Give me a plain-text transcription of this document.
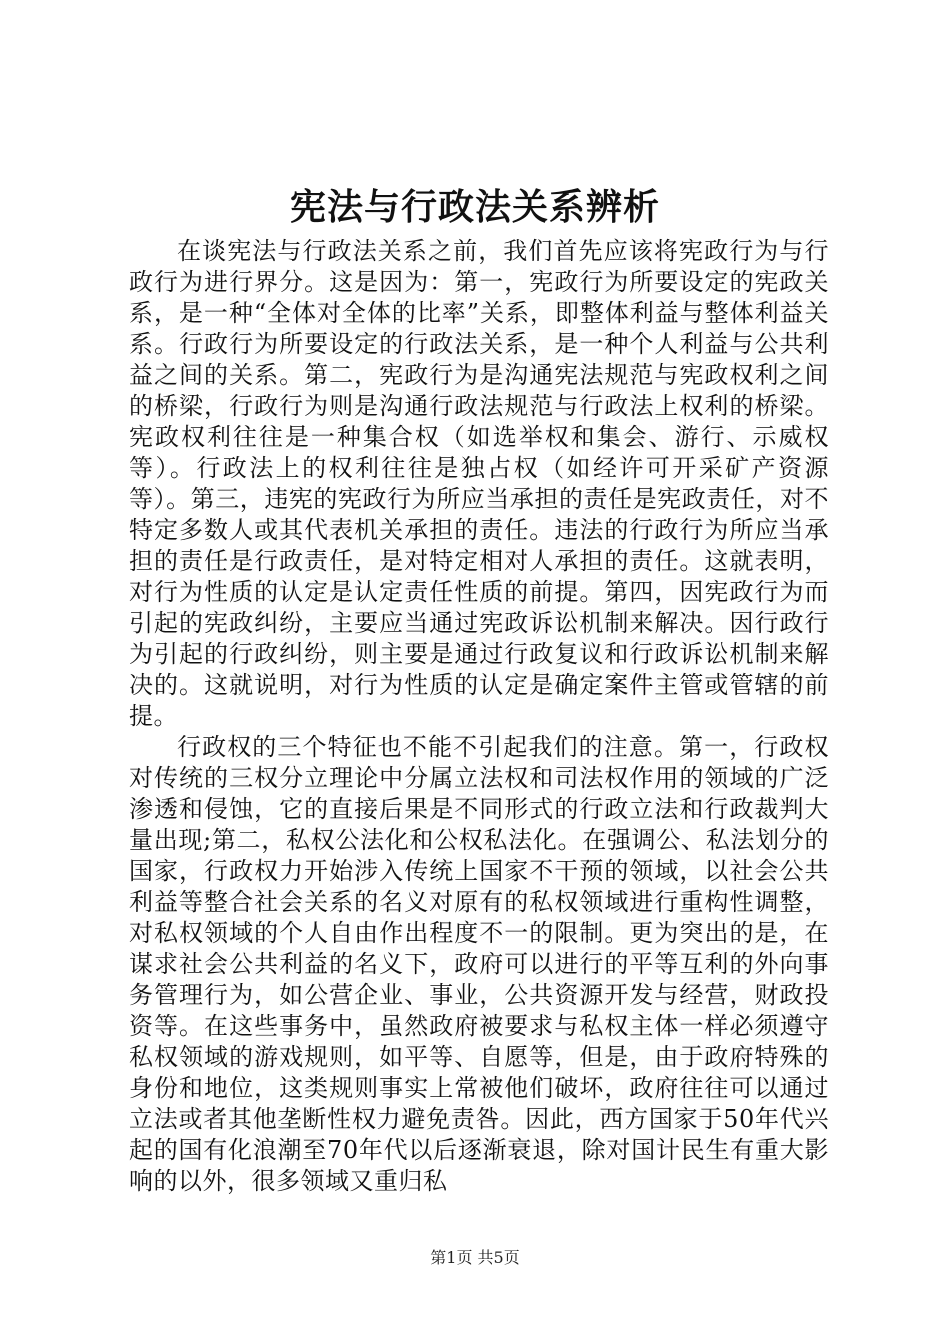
宪法与行政法关系辨析

在谈宪法与行政法关系之前，我们首先应该将宪政行为与行政行为进行界分。这是因为：第一，宪政行为所要设定的宪政关系，是一种“全体对全体的比率”关系，即整体利益与整体利益关系。行政行为所要设定的行政法关系，是一种个人利益与公共利益之间的关系。第二，宪政行为是沟通宪法规范与宪政权利之间的桥梁，行政行为则是沟通行政法规范与行政法上权利的桥梁。宪政权利往往是一种集合权（如选举权和集会、游行、示威权等）。行政法上的权利往往是独占权（如经许可开采矿产资源等）。第三，违宪的宪政行为所应当承担的责任是宪政责任，对不特定多数人或其代表机关承担的责任。违法的行政行为所应当承担的责任是行政责任，是对特定相对人承担的责任。这就表明，对行为性质的认定是认定责任性质的前提。第四，因宪政行为而引起的宪政纠纷，主要应当通过宪政诉讼机制来解决。因行政行为引起的行政纠纷，则主要是通过行政复议和行政诉讼机制来解决的。这就说明，对行为性质的认定是确定案件主管或管辖的前提。

行政权的三个特征也不能不引起我们的注意。第一，行政权对传统的三权分立理论中分属立法权和司法权作用的领域的广泛渗透和侵蚀，它的直接后果是不同形式的行政立法和行政裁判大量出现;第二，私权公法化和公权私法化。在强调公、私法划分的国家，行政权力开始涉入传统上国家不干预的领域，以社会公共利益等整合社会关系的名义对原有的私权领域进行重构性调整，对私权领域的个人自由作出程度不一的限制。更为突出的是，在谋求社会公共利益的名义下，政府可以进行的平等互利的外向事务管理行为，如公营企业、事业，公共资源开发与经营，财政投资等。在这些事务中，虽然政府被要求与私权主体一样必须遵守私权领域的游戏规则，如平等、自愿等，但是，由于政府特殊的身份和地位，这类规则事实上常被他们破坏，政府往往可以通过立法或者其他垄断性权力避免责咎。因此，西方国家于50年代兴起的国有化浪潮至70年代以后逐渐衰退，除对国计民生有重大影响的以外，很多领域又重归私

第1页 共5页
